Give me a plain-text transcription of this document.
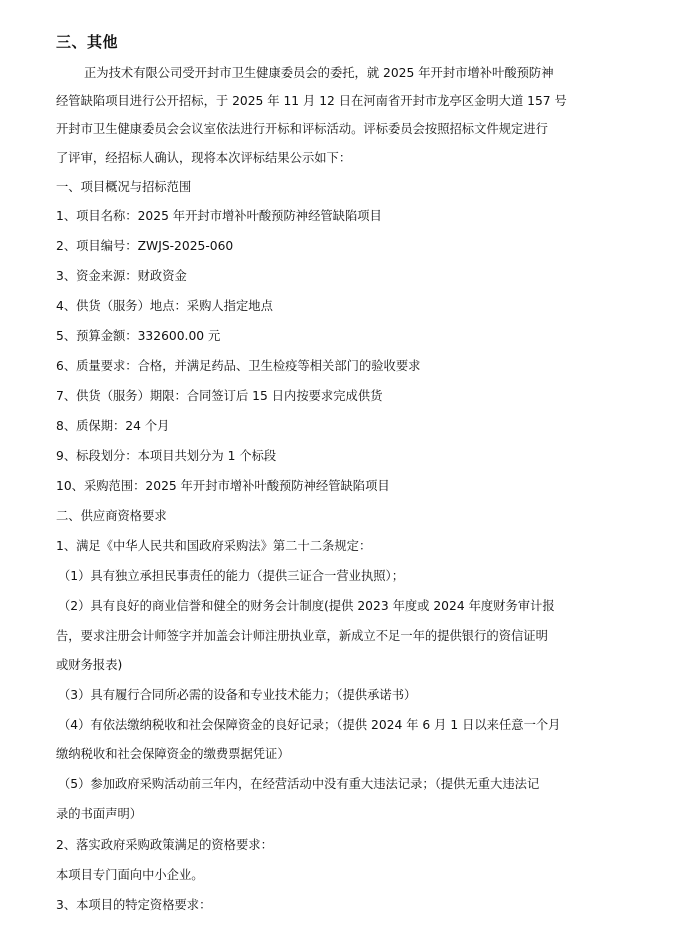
三、其他
正为技术有限公司受开封市卫生健康委员会的委托，就 2025 年开封市增补叶酸预防神
经管缺陷项目进行公开招标，于 2025 年 11 月 12 日在河南省开封市龙亭区金明大道 157 号
开封市卫生健康委员会会议室依法进行开标和评标活动。评标委员会按照招标文件规定进行
了评审，经招标人确认，现将本次评标结果公示如下：
一、项目概况与招标范围
1、项目名称：2025 年开封市增补叶酸预防神经管缺陷项目
2、项目编号：ZWJS-2025-060
3、资金来源：财政资金
4、供货（服务）地点：采购人指定地点
5、预算金额：332600.00 元
6、质量要求：合格，并满足药品、卫生检疫等相关部门的验收要求
7、供货（服务）期限：合同签订后 15 日内按要求完成供货
8、质保期：24 个月
9、标段划分：本项目共划分为 1 个标段
10、采购范围：2025 年开封市增补叶酸预防神经管缺陷项目
二、供应商资格要求
1、满足《中华人民共和国政府采购法》第二十二条规定：
（1）具有独立承担民事责任的能力（提供三证合一营业执照）；
（2）具有良好的商业信誉和健全的财务会计制度(提供 2023 年度或 2024 年度财务审计报
告，要求注册会计师签字并加盖会计师注册执业章，新成立不足一年的提供银行的资信证明
或财务报表)
（3）具有履行合同所必需的设备和专业技术能力；（提供承诺书）
（4）有依法缴纳税收和社会保障资金的良好记录；（提供 2024 年 6 月 1 日以来任意一个月
缴纳税收和社会保障资金的缴费票据凭证）
（5）参加政府采购活动前三年内，在经营活动中没有重大违法记录；（提供无重大违法记
录的书面声明）
2、落实政府采购政策满足的资格要求：
本项目专门面向中小企业。
3、本项目的特定资格要求：
